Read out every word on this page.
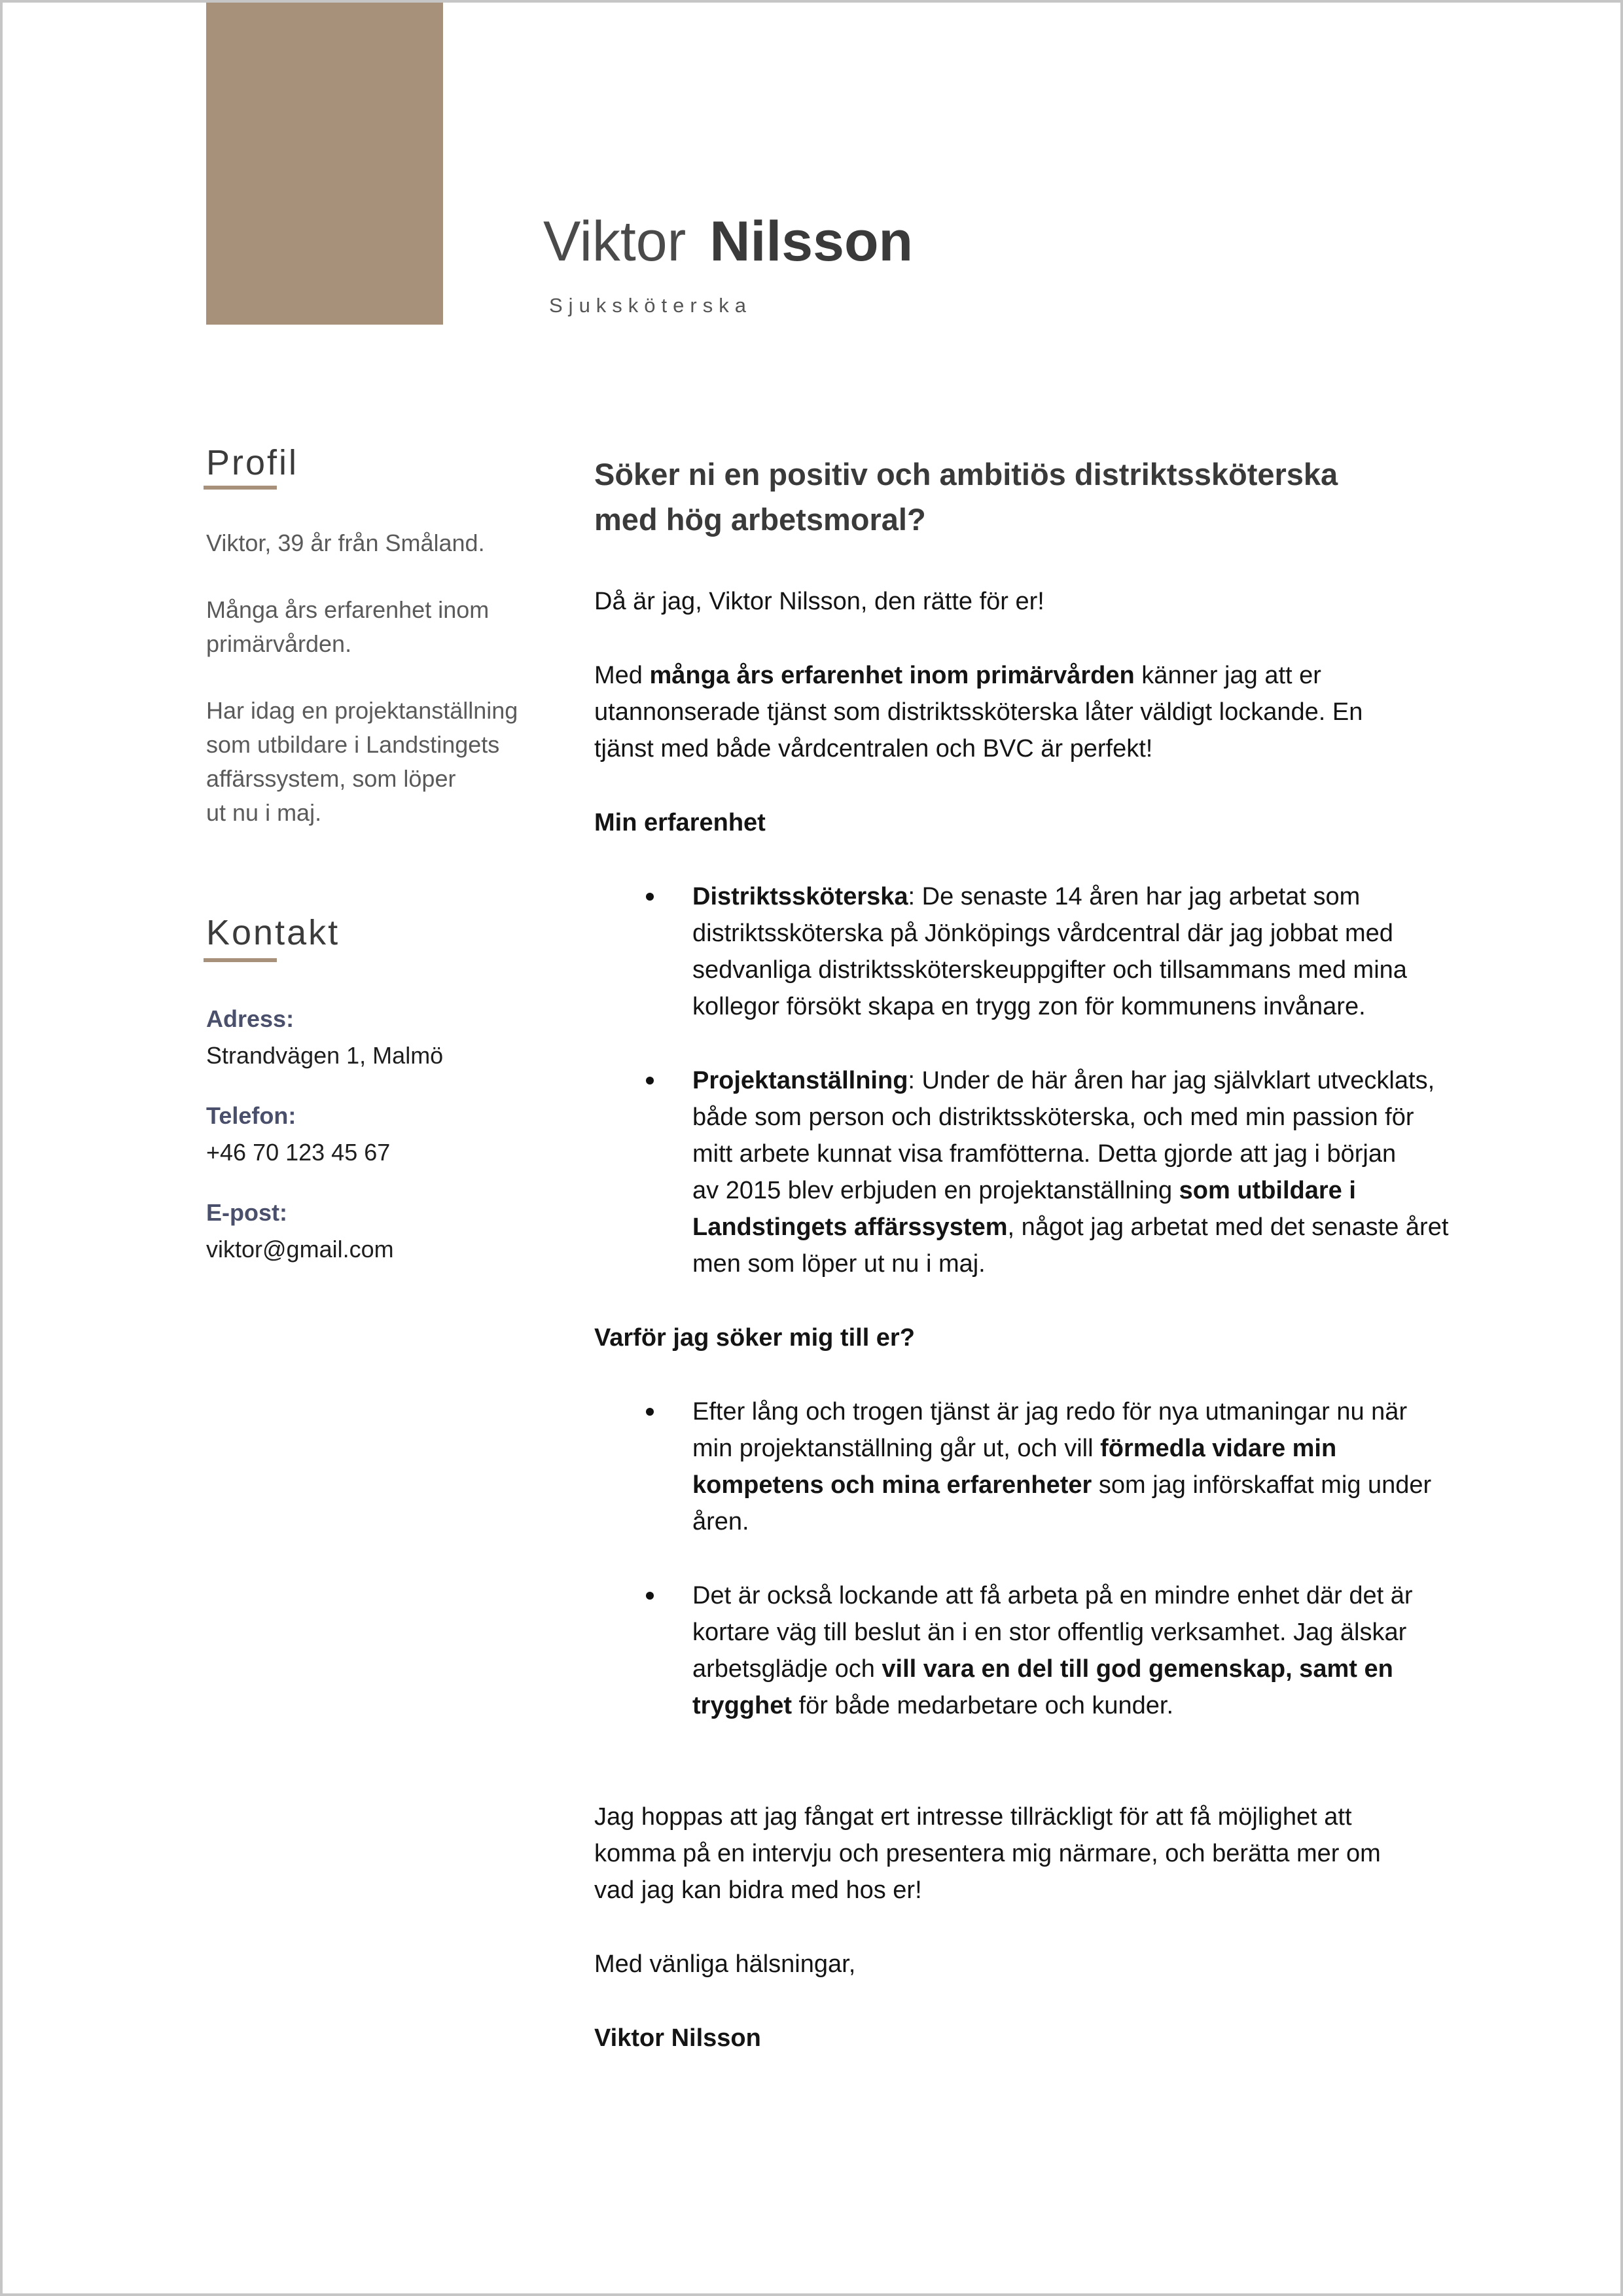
Viktor Nilsson
Sjuksköterska
Profil
Viktor, 39 år från Småland.
Många års erfarenhet inom
primärvården.
Har idag en projektanställning
som utbildare i Landstingets
affärssystem, som löper
ut nu i maj.
Kontakt
Adress:
Strandvägen 1, Malmö
Telefon:
+46 70 123 45 67
E-post:
viktor@gmail.com
Söker ni en positiv och ambitiös distriktssköterska
med hög arbetsmoral?
Då är jag, Viktor Nilsson, den rätte för er!
Med många års erfarenhet inom primärvården känner jag att er
utannonserade tjänst som distriktssköterska låter väldigt lockande. En
tjänst med både vårdcentralen och BVC är perfekt!
Min erfarenhet
Distriktssköterska: De senaste 14 åren har jag arbetat som
distriktssköterska på Jönköpings vårdcentral där jag jobbat med
sedvanliga distriktssköterskeuppgifter och tillsammans med mina
kollegor försökt skapa en trygg zon för kommunens invånare.
Projektanställning: Under de här åren har jag självklart utvecklats,
både som person och distriktssköterska, och med min passion för
mitt arbete kunnat visa framfötterna. Detta gjorde att jag i början
av 2015 blev erbjuden en projektanställning som utbildare i
Landstingets affärssystem, något jag arbetat med det senaste året
men som löper ut nu i maj.
Varför jag söker mig till er?
Efter lång och trogen tjänst är jag redo för nya utmaningar nu när
min projektanställning går ut, och vill förmedla vidare min
kompetens och mina erfarenheter som jag införskaffat mig under
åren.
Det är också lockande att få arbeta på en mindre enhet där det är
kortare väg till beslut än i en stor offentlig verksamhet. Jag älskar
arbetsglädje och vill vara en del till god gemenskap, samt en
trygghet för både medarbetare och kunder.
Jag hoppas att jag fångat ert intresse tillräckligt för att få möjlighet att
komma på en intervju och presentera mig närmare, och berätta mer om
vad jag kan bidra med hos er!
Med vänliga hälsningar,
Viktor Nilsson
